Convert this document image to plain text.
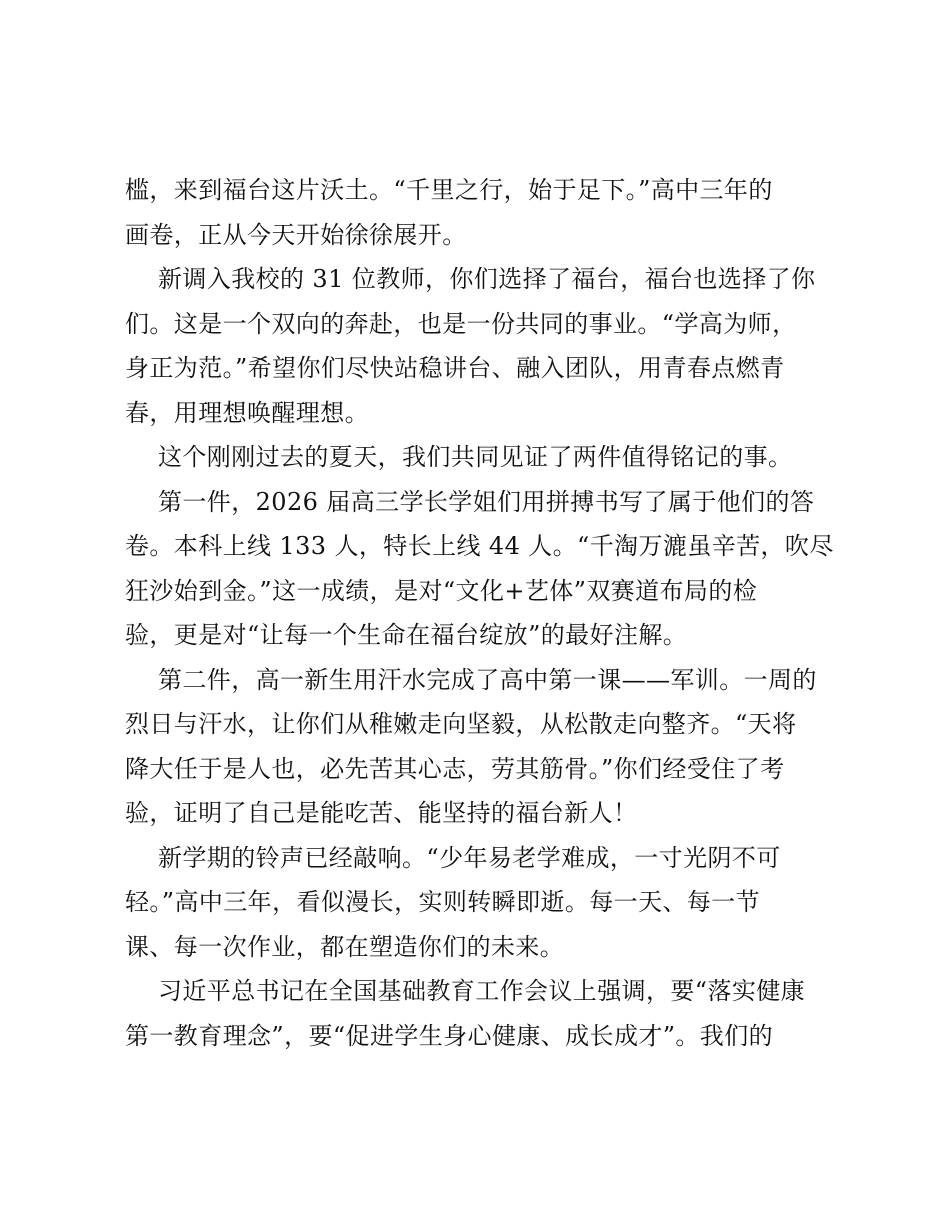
槛，来到福台这片沃土。“千里之行，始于足下。”高中三年的
画卷，正从今天开始徐徐展开。

新调入我校的 31 位教师，你们选择了福台，福台也选择了你
们。这是一个双向的奔赴，也是一份共同的事业。“学高为师，
身正为范。”希望你们尽快站稳讲台、融入团队，用青春点燃青
春，用理想唤醒理想。

这个刚刚过去的夏天，我们共同见证了两件值得铭记的事。

第一件，2026 届高三学长学姐们用拼搏书写了属于他们的答
卷。本科上线 133 人，特长上线 44 人。“千淘万漉虽辛苦，吹尽
狂沙始到金。”这一成绩，是对“文化+艺体”双赛道布局的检
验，更是对“让每一个生命在福台绽放”的最好注解。

第二件，高一新生用汗水完成了高中第一课——军训。一周的
烈日与汗水，让你们从稚嫩走向坚毅，从松散走向整齐。“天将
降大任于是人也，必先苦其心志，劳其筋骨。”你们经受住了考
验，证明了自己是能吃苦、能坚持的福台新人！

新学期的铃声已经敲响。“少年易老学难成，一寸光阴不可
轻。”高中三年，看似漫长，实则转瞬即逝。每一天、每一节
课、每一次作业，都在塑造你们的未来。

习近平总书记在全国基础教育工作会议上强调，要“落实健康
第一教育理念”，要“促进学生身心健康、成长成才”。我们的
